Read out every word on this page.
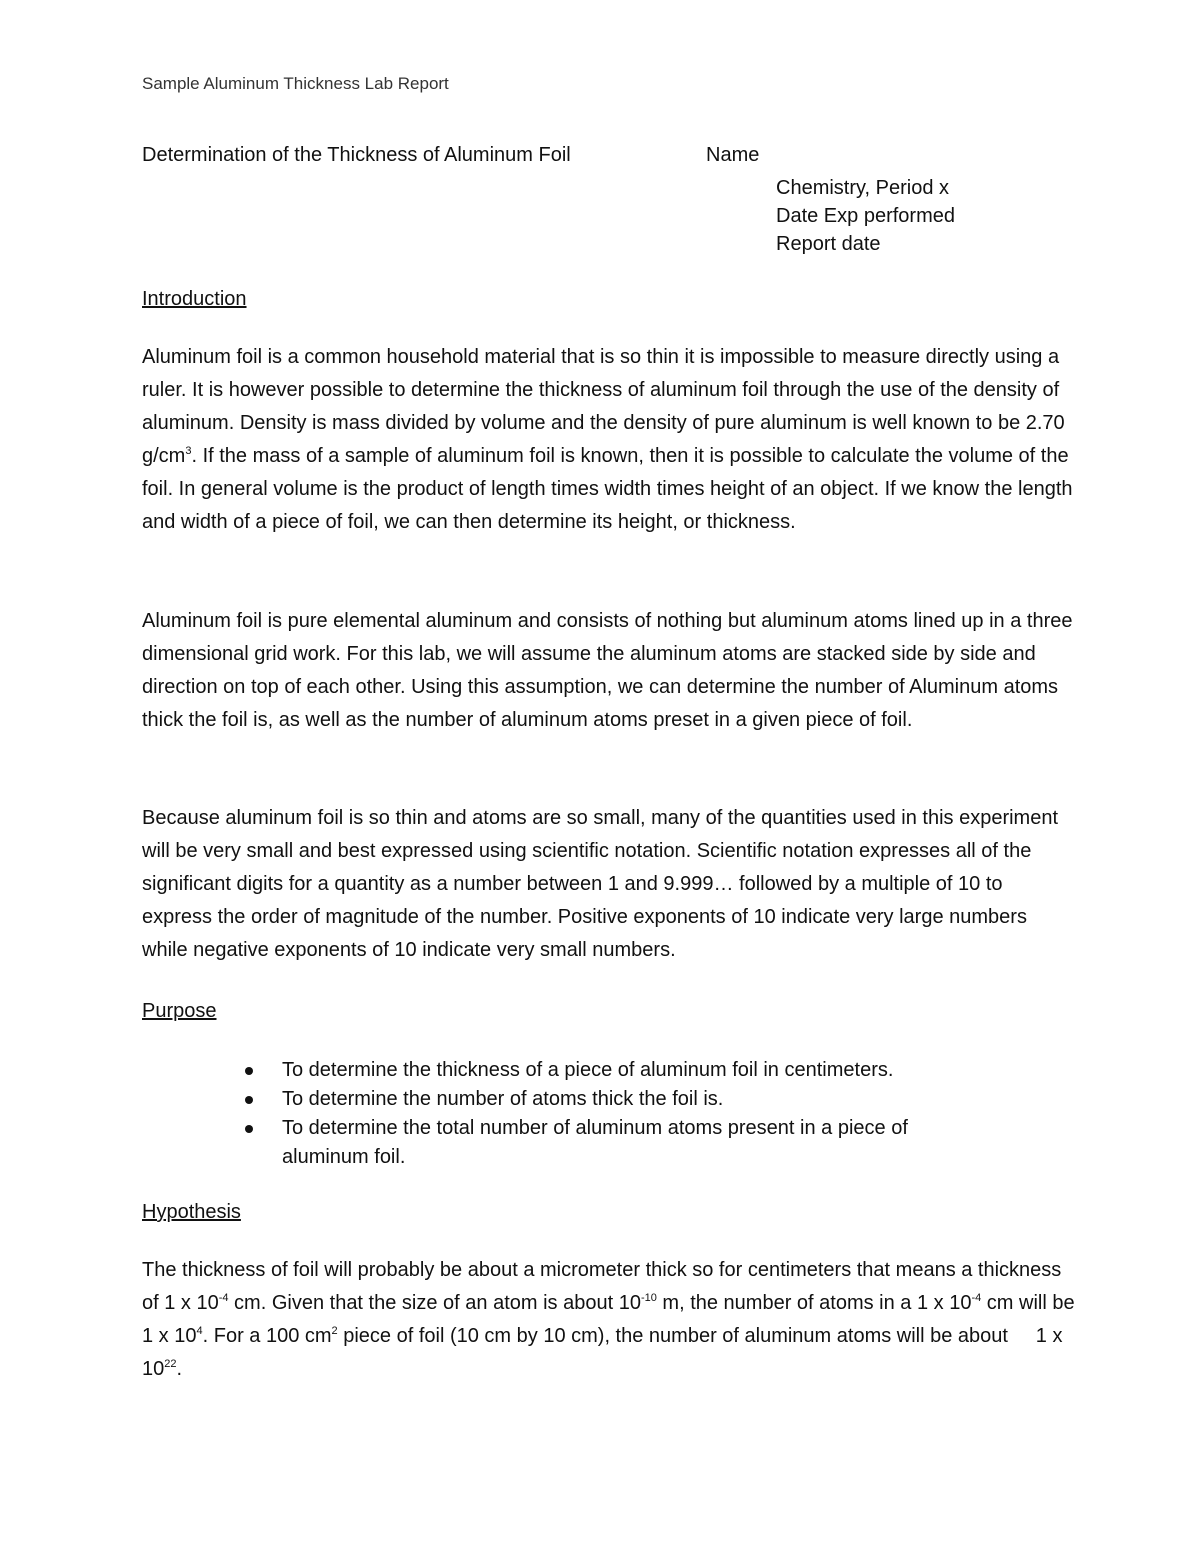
Sample Aluminum Thickness Lab Report
Determination of the Thickness of Aluminum Foil	Name
Chemistry, Period x
Date Exp performed
Report date
Introduction

Aluminum foil is a common household material that is so thin it is impossible to measure directly using a ruler. It is however possible to determine the thickness of aluminum foil through the use of the density of aluminum. Density is mass divided by volume and the density of pure aluminum is well known to be 2.70 $g/cm^3$. If the mass of a sample of aluminum foil is known, then it is possible to calculate the volume of the foil. In general volume is the product of length times width times height of an object. If we know the length and width of a piece of foil, we can then determine its height, or thickness.

Aluminum foil is pure elemental aluminum and consists of nothing but aluminum atoms lined up in a three dimensional grid work. For this lab, we will assume the aluminum atoms are stacked side by side and direction on top of each other. Using this assumption, we can determine the number of Aluminum atoms thick the foil is, as well as the number of aluminum atoms preset in a given piece of foil.

Because aluminum foil is so thin and atoms are so small, many of the quantities used in this experiment will be very small and best expressed using scientific notation. Scientific notation expresses all of the significant digits for a quantity as a number between 1 and 9.999… followed by a multiple of 10 to express the order of magnitude of the number. Positive exponents of 10 indicate very large numbers while negative exponents of 10 indicate very small numbers.

Purpose
To determine the thickness of a piece of aluminum foil in centimeters.
To determine the number of atoms thick the foil is.
To determine the total number of aluminum atoms present in a piece of aluminum foil.
Hypothesis

The thickness of foil will probably be about a micrometer thick so for centimeters that means a thickness of 1 x $10^{-4}$ cm. Given that the size of an atom is about $10^{-10}$ m, the number of atoms in a 1 x $10^{-4}$ cm will be 1 x $10^4$. For a 100 $cm^2$ piece of foil (10 cm by 10 cm), the number of aluminum atoms will be about     1 x $10^{22}$.
